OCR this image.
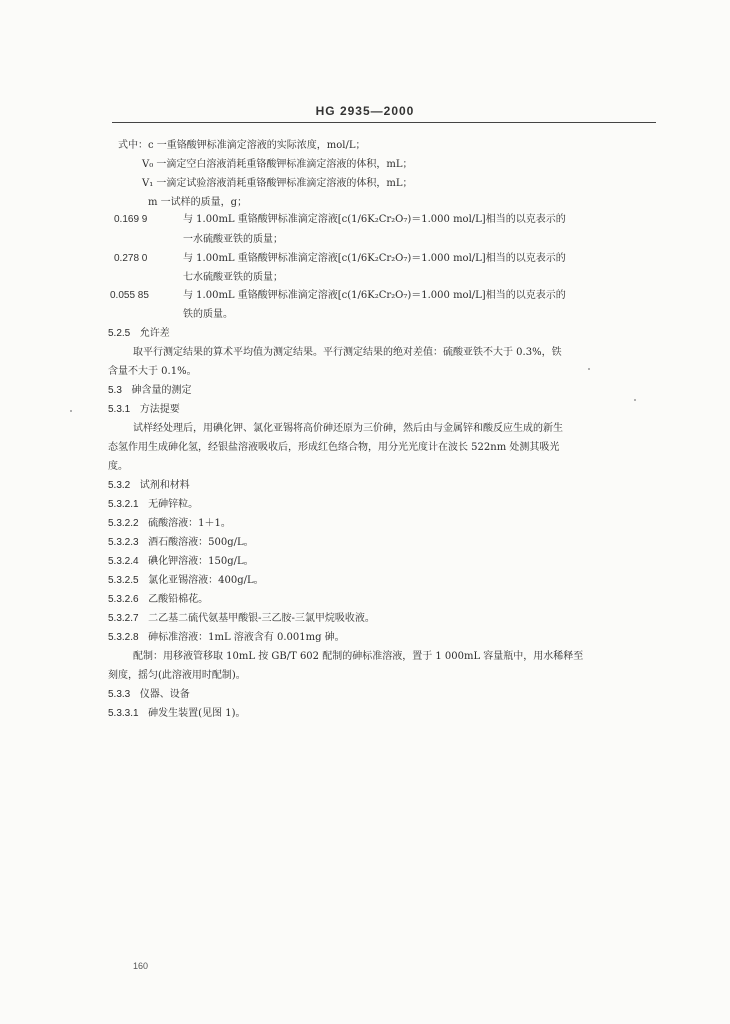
HG 2935—2000
式中：c 一重铬酸钾标准滴定溶液的实际浓度，mol/L；
V₀ 一滴定空白溶液消耗重铬酸钾标准滴定溶液的体积，mL；
V₁ 一滴定试验溶液消耗重铬酸钾标准滴定溶液的体积，mL；
m 一试样的质量，g；
0.169 9	与 1.00mL 重铬酸钾标准滴定溶液[c(1/6K₂Cr₂O₇)＝1.000 mol/L]相当的以克表示的
一水硫酸亚铁的质量；
0.278 0	与 1.00mL 重铬酸钾标准滴定溶液[c(1/6K₂Cr₂O₇)＝1.000 mol/L]相当的以克表示的
七水硫酸亚铁的质量；
0.055 85	与 1.00mL 重铬酸钾标准滴定溶液[c(1/6K₂Cr₂O₇)＝1.000 mol/L]相当的以克表示的
铁的质量。
5.2.5 允许差
取平行测定结果的算术平均值为测定结果。平行测定结果的绝对差值：硫酸亚铁不大于 0.3%，铁
含量不大于 0.1%。
5.3 砷含量的测定
5.3.1 方法提要
试样经处理后，用碘化钾、氯化亚锡将高价砷还原为三价砷，然后由与金属锌和酸反应生成的新生
态氢作用生成砷化氢，经银盐溶液吸收后，形成红色络合物，用分光光度计在波长 522nm 处测其吸光
度。
5.3.2 试剂和材料
5.3.2.1 无砷锌粒。
5.3.2.2 硫酸溶液：1＋1。
5.3.2.3 酒石酸溶液：500g/L。
5.3.2.4 碘化钾溶液：150g/L。
5.3.2.5 氯化亚锡溶液：400g/L。
5.3.2.6 乙酸铅棉花。
5.3.2.7 二乙基二硫代氨基甲酸银-三乙胺-三氯甲烷吸收液。
5.3.2.8 砷标准溶液：1mL 溶液含有 0.001mg 砷。
配制：用移液管移取 10mL 按 GB/T 602 配制的砷标准溶液，置于 1 000mL 容量瓶中，用水稀释至
刻度，摇匀(此溶液用时配制)。
5.3.3 仪器、设备
5.3.3.1 砷发生装置(见图 1)。
160
